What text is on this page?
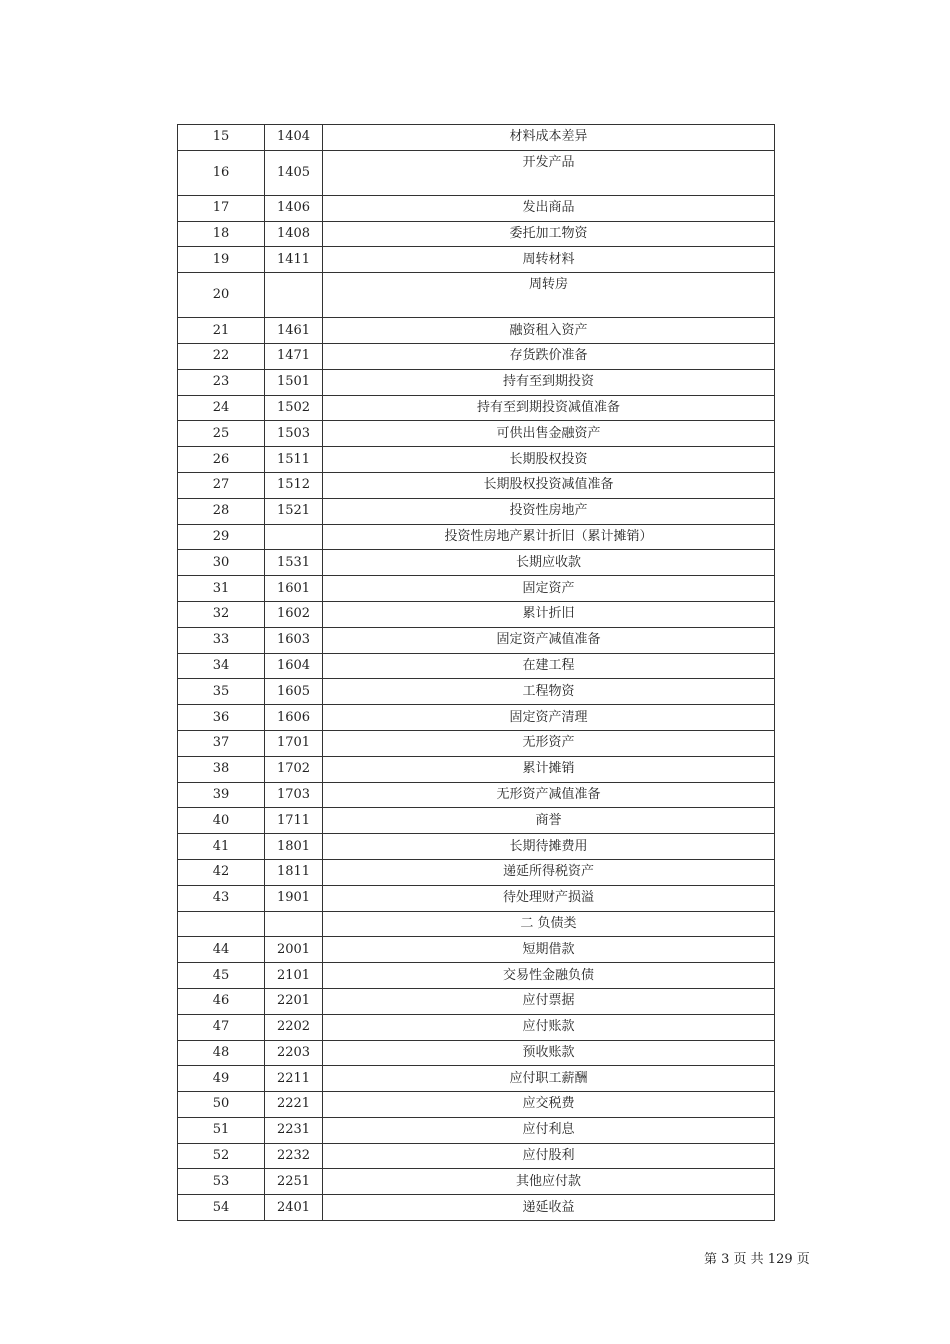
15	1404	材料成本差异
16	1405	开发产品
17	1406	发出商品
18	1408	委托加工物资
19	1411	周转材料
20		周转房
21	1461	融资租入资产
22	1471	存货跌价准备
23	1501	持有至到期投资
24	1502	持有至到期投资减值准备
25	1503	可供出售金融资产
26	1511	长期股权投资
27	1512	长期股权投资减值准备
28	1521	投资性房地产
29		投资性房地产累计折旧（累计摊销）
30	1531	长期应收款
31	1601	固定资产
32	1602	累计折旧
33	1603	固定资产减值准备
34	1604	在建工程
35	1605	工程物资
36	1606	固定资产清理
37	1701	无形资产
38	1702	累计摊销
39	1703	无形资产减值准备
40	1711	商誉
41	1801	长期待摊费用
42	1811	递延所得税资产
43	1901	待处理财产损溢
		二 负债类
44	2001	短期借款
45	2101	交易性金融负债
46	2201	应付票据
47	2202	应付账款
48	2203	预收账款
49	2211	应付职工薪酬
50	2221	应交税费
51	2231	应付利息
52	2232	应付股利
53	2251	其他应付款
54	2401	递延收益
第 3 页 共 129 页
